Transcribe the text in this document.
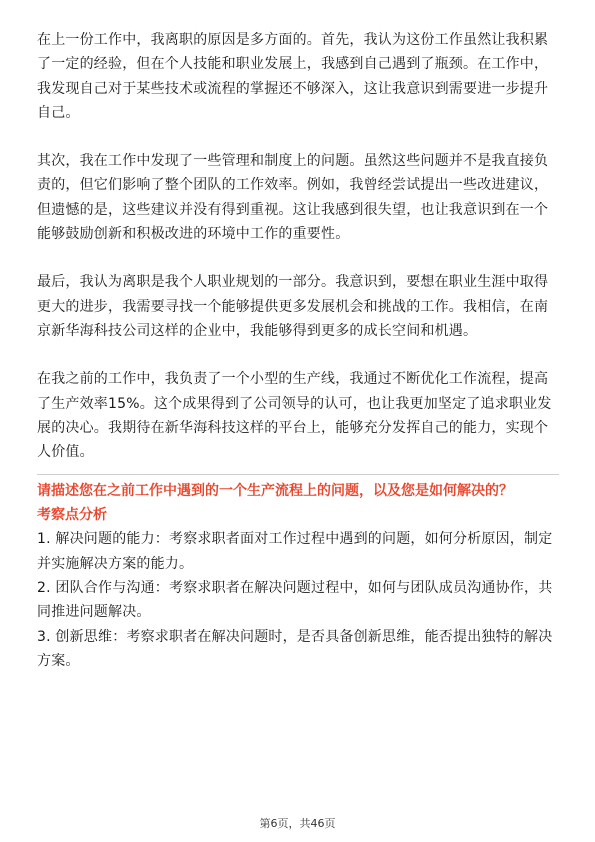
在上一份工作中，我离职的原因是多方面的。首先，我认为这份工作虽然让我积累了一定的经验，但在个人技能和职业发展上，我感到自己遇到了瓶颈。在工作中，我发现自己对于某些技术或流程的掌握还不够深入，这让我意识到需要进一步提升自己。

其次，我在工作中发现了一些管理和制度上的问题。虽然这些问题并不是我直接负责的，但它们影响了整个团队的工作效率。例如，我曾经尝试提出一些改进建议，但遗憾的是，这些建议并没有得到重视。这让我感到很失望，也让我意识到在一个能够鼓励创新和积极改进的环境中工作的重要性。

最后，我认为离职是我个人职业规划的一部分。我意识到，要想在职业生涯中取得更大的进步，我需要寻找一个能够提供更多发展机会和挑战的工作。我相信，在南京新华海科技公司这样的企业中，我能够得到更多的成长空间和机遇。

在我之前的工作中，我负责了一个小型的生产线，我通过不断优化工作流程，提高了生产效率15%。这个成果得到了公司领导的认可，也让我更加坚定了追求职业发展的决心。我期待在新华海科技这样的平台上，能够充分发挥自己的能力，实现个人价值。

请描述您在之前工作中遇到的一个生产流程上的问题，以及您是如何解决的？

考察点分析

1. 解决问题的能力：考察求职者面对工作过程中遇到的问题，如何分析原因，制定并实施解决方案的能力。

2. 团队合作与沟通：考察求职者在解决问题过程中，如何与团队成员沟通协作，共同推进问题解决。

3. 创新思维：考察求职者在解决问题时，是否具备创新思维，能否提出独特的解决方案。

第6页，共46页
